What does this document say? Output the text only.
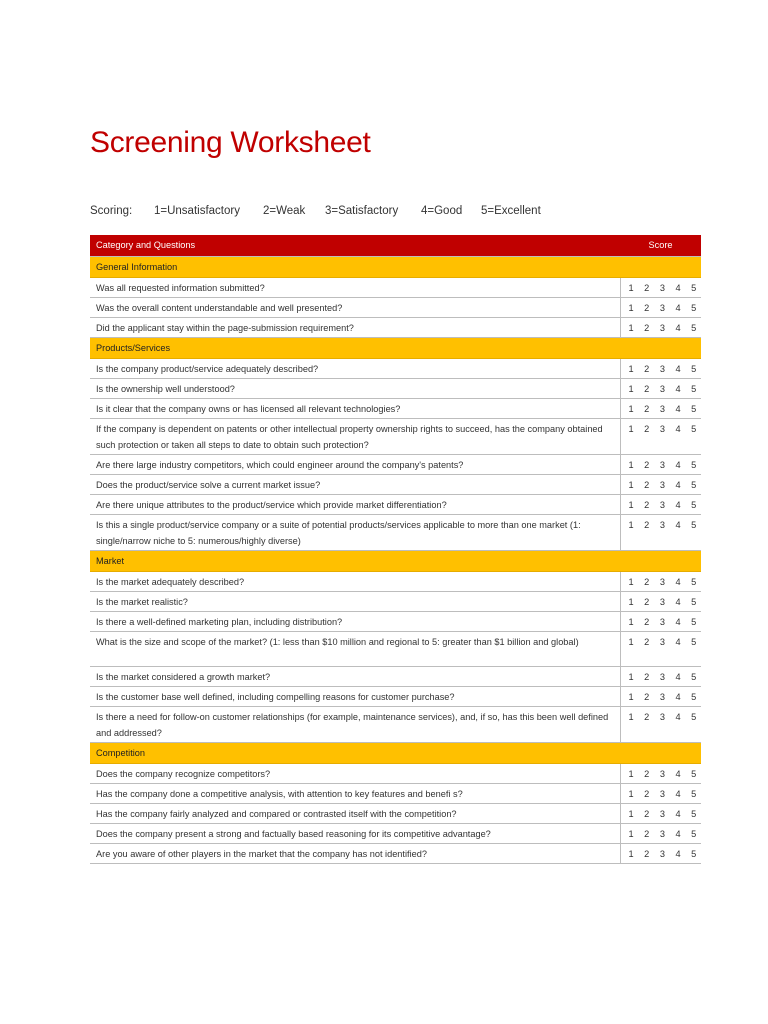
Screening Worksheet
Scoring:	1=Unsatisfactory	2=Weak	3=Satisfactory	4=Good	5=Excellent
Category and Questions	Score
General Information	
Was all requested information submitted?	1 2 3 4 5
Was the overall content understandable and well presented?	1 2 3 4 5
Did the applicant stay within the page-submission requirement?	1 2 3 4 5
Products/Services	
Is the company product/service adequately described?	1 2 3 4 5
Is the ownership well understood?	1 2 3 4 5
Is it clear that the company owns or has licensed all relevant technologies?	1 2 3 4 5
If the company is dependent on patents or other intellectual property ownership rights to succeed, has the company obtained such protection or taken all steps to date to obtain such protection?	1 2 3 4 5
Are there large industry competitors, which could engineer around the company's patents?	1 2 3 4 5
Does the product/service solve a current market issue?	1 2 3 4 5
Are there unique attributes to the product/service which provide market differentiation?	1 2 3 4 5
Is this a single product/service company or a suite of potential products/services applicable to more than one market (1: single/narrow niche to 5: numerous/highly diverse)	1 2 3 4 5
Market	
Is the market adequately described?	1 2 3 4 5
Is the market realistic?	1 2 3 4 5
Is there a well-defined marketing plan, including distribution?	1 2 3 4 5
What is the size and scope of the market? (1: less than $10 million and regional to 5: greater than $1 billion and global)	1 2 3 4 5
Is the market considered a growth market?	1 2 3 4 5
Is the customer base well defined, including compelling reasons for customer purchase?	1 2 3 4 5
Is there a need for follow-on customer relationships (for example, maintenance services), and, if so, has this been well defined and addressed?	1 2 3 4 5
Competition	
Does the company recognize competitors?	1 2 3 4 5
Has the company done a competitive analysis, with attention to key features and benefi s?	1 2 3 4 5
Has the company fairly analyzed and compared or contrasted itself with the competition?	1 2 3 4 5
Does the company present a strong and factually based reasoning for its competitive advantage?	1 2 3 4 5
Are you aware of other players in the market that the company has not identified?	1 2 3 4 5
